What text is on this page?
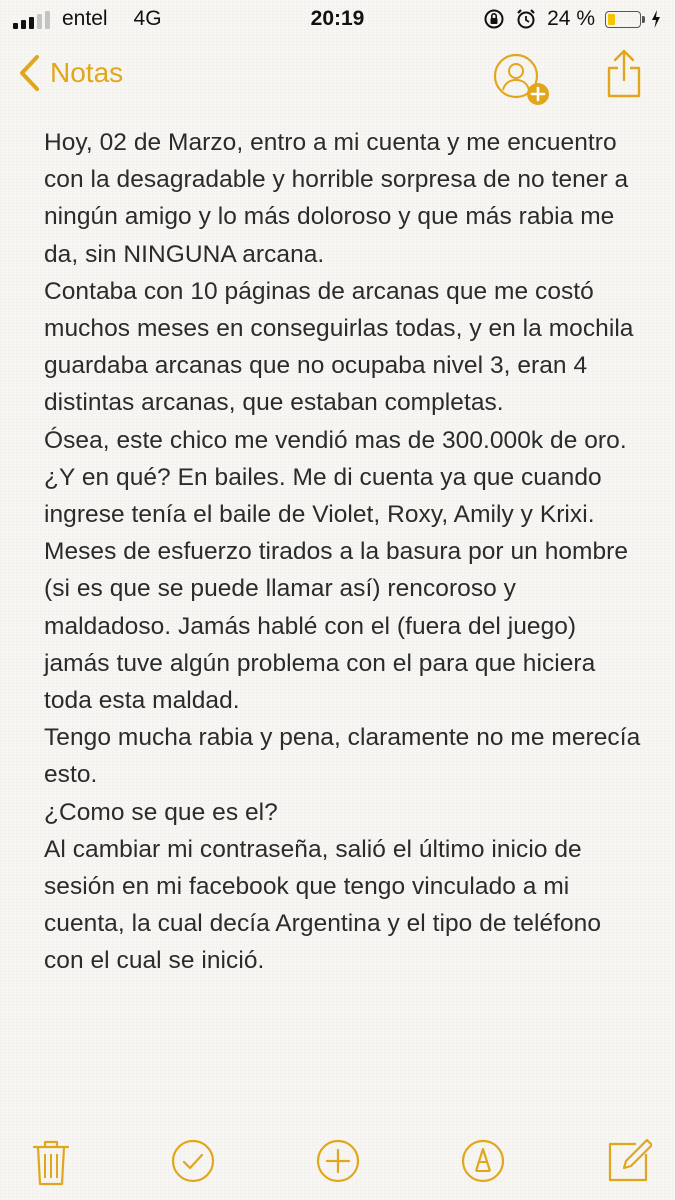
entel 4G	20:19	24 %
Notas

Hoy, 02 de Marzo, entro a mi cuenta y me encuentro con la desagradable y horrible sorpresa de no tener a ningún amigo y lo más doloroso y que más rabia me da, sin NINGUNA arcana.

Contaba con 10 páginas de arcanas que me costó muchos meses en conseguirlas todas, y en la mochila guardaba arcanas que no ocupaba nivel 3, eran 4 distintas arcanas, que estaban completas.

Ósea, este chico me vendió mas de 300.000k de oro. ¿Y en qué? En bailes. Me di cuenta ya que cuando ingrese tenía el baile de Violet, Roxy, Amily y Krixi.

Meses de esfuerzo tirados a la basura por un hombre (si es que se puede llamar así) rencoroso y maldadoso. Jamás hablé con el (fuera del juego) jamás tuve algún problema con el para que hiciera toda esta maldad.

Tengo mucha rabia y pena, claramente no me merecía esto.

¿Como se que es el?

Al cambiar mi contraseña, salió el último inicio de sesión en mi facebook que tengo vinculado a mi cuenta, la cual decía Argentina y el tipo de teléfono con el cual se inició.
